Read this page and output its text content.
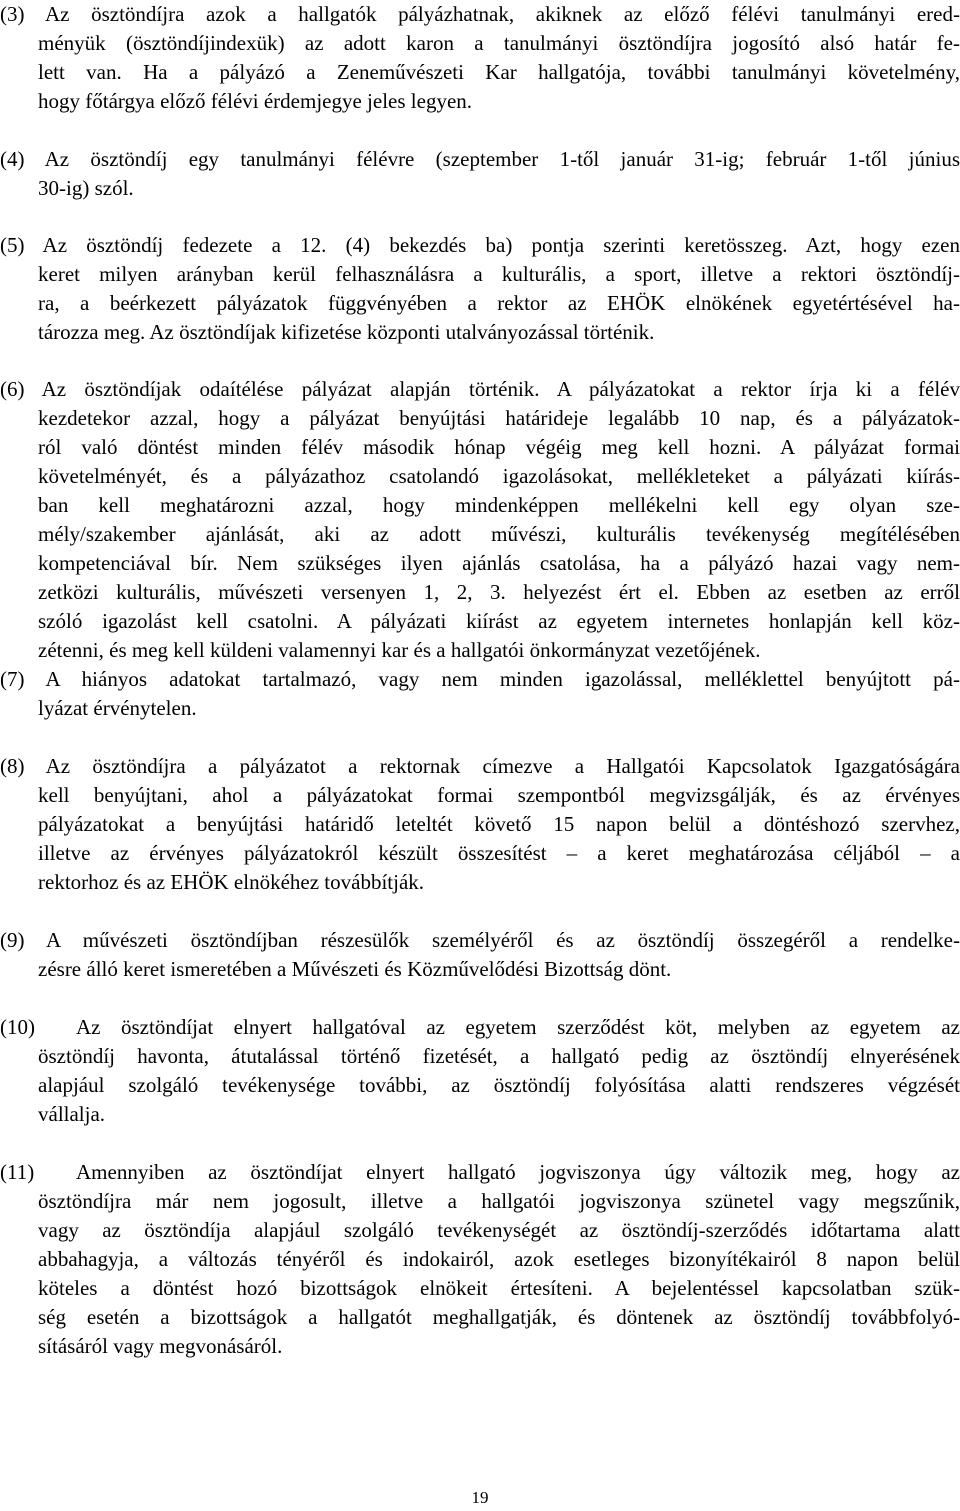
(3) Az ösztöndíjra azok a hallgatók pályázhatnak, akiknek az előző félévi tanulmányi ered-
ményük (ösztöndíjindexük) az adott karon a tanulmányi ösztöndíjra jogosító alsó határ fe-
lett van. Ha a pályázó a Zeneművészeti Kar hallgatója, további tanulmányi követelmény,
hogy főtárgya előző félévi érdemjegye jeles legyen.
(4) Az ösztöndíj egy tanulmányi félévre (szeptember 1-től január 31-ig; február 1-től június
30-ig) szól.
(5) Az ösztöndíj fedezete a 12. (4) bekezdés ba) pontja szerinti keretösszeg. Azt, hogy ezen
keret milyen arányban kerül felhasználásra a kulturális, a sport, illetve a rektori ösztöndíj-
ra, a beérkezett pályázatok függvényében a rektor az EHÖK elnökének egyetértésével ha-
tározza meg. Az ösztöndíjak kifizetése központi utalványozással történik.
(6) Az ösztöndíjak odaítélése pályázat alapján történik. A pályázatokat a rektor írja ki a félév
kezdetekor azzal, hogy a pályázat benyújtási határideje legalább 10 nap, és a pályázatok-
ról való döntést minden félév második hónap végéig meg kell hozni. A pályázat formai
követelményét, és a pályázathoz csatolandó igazolásokat, mellékleteket a pályázati kiírás-
ban kell meghatározni azzal, hogy mindenképpen mellékelni kell egy olyan sze-
mély/szakember ajánlását, aki az adott művészi, kulturális tevékenység megítélésében
kompetenciával bír. Nem szükséges ilyen ajánlás csatolása, ha a pályázó hazai vagy nem-
zetközi kulturális, művészeti versenyen 1, 2, 3. helyezést ért el. Ebben az esetben az erről
szóló igazolást kell csatolni. A pályázati kiírást az egyetem internetes honlapján kell köz-
zétenni, és meg kell küldeni valamennyi kar és a hallgatói önkormányzat vezetőjének.
(7) A hiányos adatokat tartalmazó, vagy nem minden igazolással, melléklettel benyújtott pá-
lyázat érvénytelen.
(8) Az ösztöndíjra a pályázatot a rektornak címezve a Hallgatói Kapcsolatok Igazgatóságára
kell benyújtani, ahol a pályázatokat formai szempontból megvizsgálják, és az érvényes
pályázatokat a benyújtási határidő leteltét követő 15 napon belül a döntéshozó szervhez,
illetve az érvényes pályázatokról készült összesítést – a keret meghatározása céljából – a
rektorhoz és az EHÖK elnökéhez továbbítják.
(9) A művészeti ösztöndíjban részesülők személyéről és az ösztöndíj összegéről a rendelke-
zésre álló keret ismeretében a Művészeti és Közművelődési Bizottság dönt.
(10) Az ösztöndíjat elnyert hallgatóval az egyetem szerződést köt, melyben az egyetem az
ösztöndíj havonta, átutalással történő fizetését, a hallgató pedig az ösztöndíj elnyerésének
alapjául szolgáló tevékenysége további, az ösztöndíj folyósítása alatti rendszeres végzését
vállalja.
(11) Amennyiben az ösztöndíjat elnyert hallgató jogviszonya úgy változik meg, hogy az
ösztöndíjra már nem jogosult, illetve a hallgatói jogviszonya szünetel vagy megszűnik,
vagy az ösztöndíja alapjául szolgáló tevékenységét az ösztöndíj-szerződés időtartama alatt
abbahagyja, a változás tényéről és indokairól, azok esetleges bizonyítékairól 8 napon belül
köteles a döntést hozó bizottságok elnökeit értesíteni. A bejelentéssel kapcsolatban szük-
ség esetén a bizottságok a hallgatót meghallgatják, és döntenek az ösztöndíj továbbfolyó-
sításáról vagy megvonásáról.
19
